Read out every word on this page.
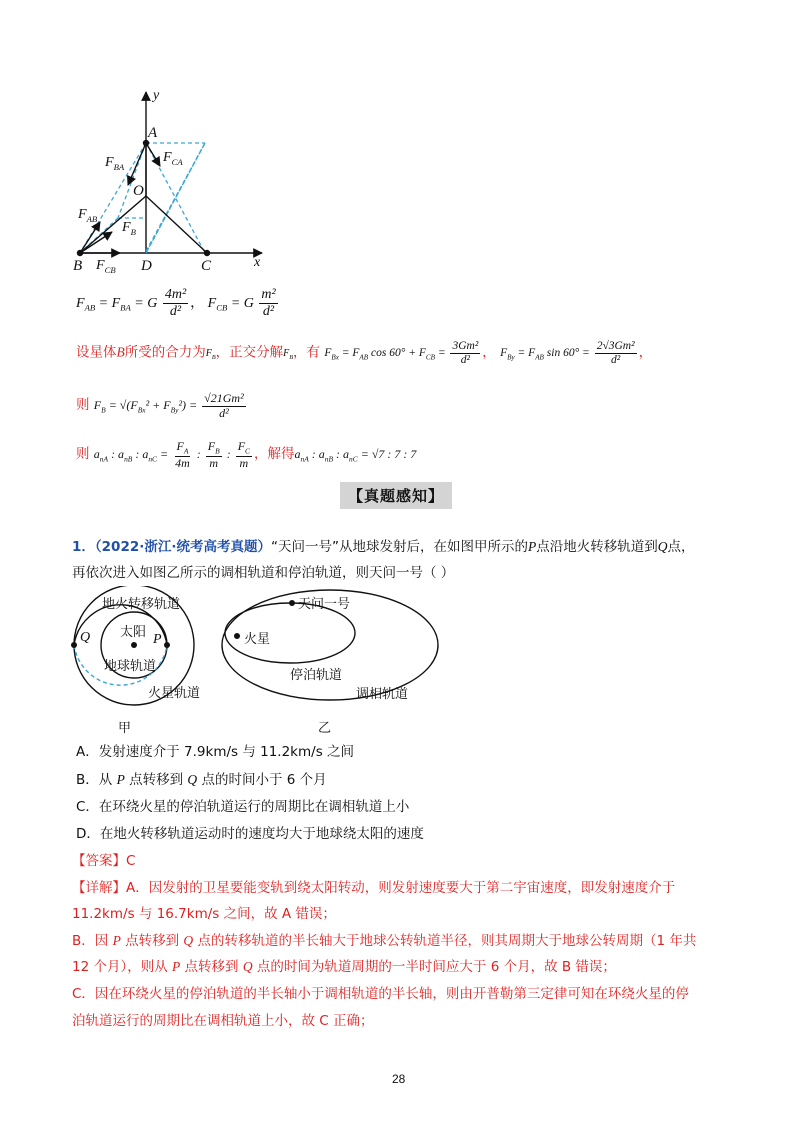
y
x
A
O
B	D	C
$F_{BA}$
$F_{CA}$
$F_{AB}$
$F_B$
$F_{CB}$
$F_{AB} = F_{BA} = G \frac{\text{4m²}}{\text{d²}}$ ， $F_{CB} = G \frac{\text{m²}}{\text{d²}}$
设星体B所受的合力为$F_B$，正交分解$F_B$，有 $F_{Bx} = F_{AB}$ $\cos 60^\circ + F_{CB} = \frac{\text{3Gm²}}{\text{d²}}$ ， $F_{By} = F_{AB}$ $\sin 60^\circ = \frac{\text{2√3Gm²}}{\text{d²}}$ ，
则 $F_B = √(F_{Bx}^2 + F_{By}^2) = \frac{\text{√21Gm²}}{\text{d²}}$
则 $a_{nA}$ : $a_{nB}$ : $a_{nC} = \frac{F_A}{4m}$ : $\frac{F_B}{m}$ : $\frac{F_C}{m}$ ，解得$a_{nA}$ : $a_{nB}$ : $a_{nC} = √7$ : 7 : 7
【真题感知】
1．（2022·浙江·统考高考真题）“天问一号”从地球发射后，在如图甲所示的P点沿地火转移轨道到Q点，
再依次进入如图乙所示的调相轨道和停泊轨道，则天问一号（ ）
地火转移轨道
太阳 P
Q
地球轨道
火星轨道
甲
天问一号
火星
停泊轨道
调相轨道
乙
A．发射速度介于 7.9km/s 与 11.2km/s 之间
B．从 P 点转移到 Q 点的时间小于 6 个月
C．在环绕火星的停泊轨道运行的周期比在调相轨道上小
D．在地火转移轨道运动时的速度均大于地球绕太阳的速度
【答案】C
【详解】A．因发射的卫星要能变轨到绕太阳转动，则发射速度要大于第二宇宙速度，即发射速度介于
11.2km/s 与 16.7km/s 之间，故 A 错误；
B．因 P 点转移到 Q 点的转移轨道的半长轴大于地球公转轨道半径，则其周期大于地球公转周期（1 年共
12 个月），则从 P 点转移到 Q 点的时间为轨道周期的一半时间应大于 6 个月，故 B 错误；
C．因在环绕火星的停泊轨道的半长轴小于调相轨道的半长轴，则由开普勒第三定律可知在环绕火星的停
泊轨道运行的周期比在调相轨道上小，故 C 正确；
28
